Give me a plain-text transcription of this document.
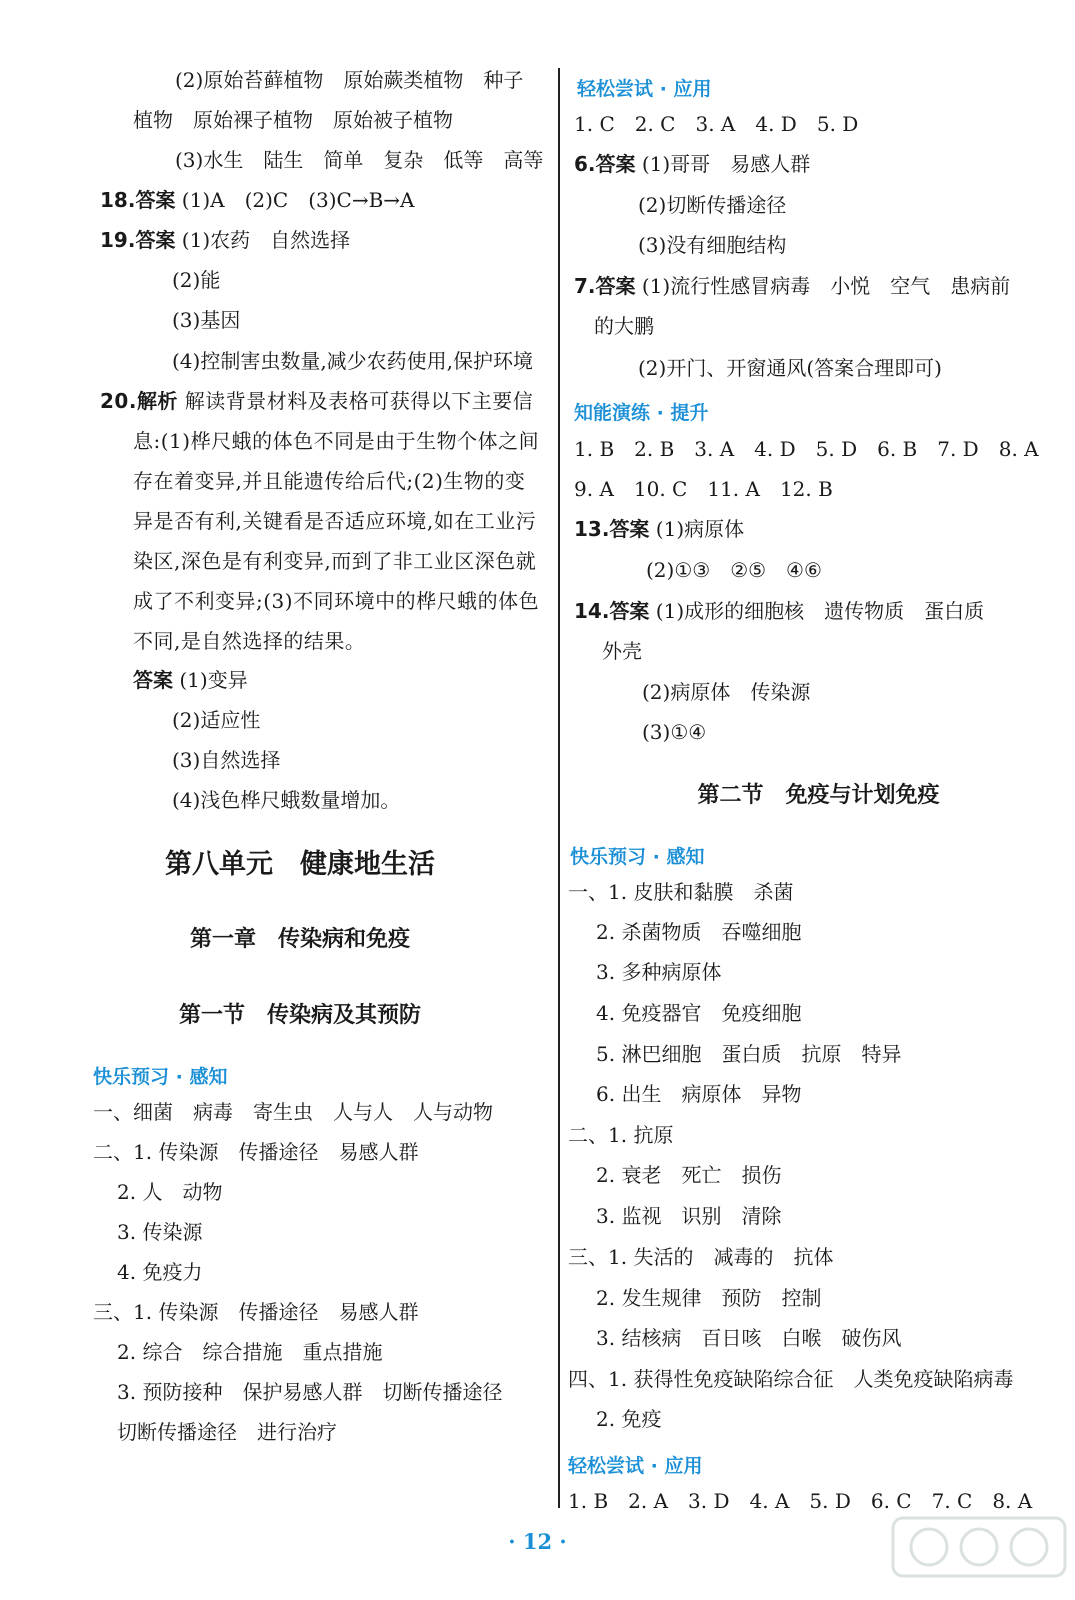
(2)原始苔藓植物　原始蕨类植物　种子
植物　原始裸子植物　原始被子植物
(3)水生　陆生　简单　复杂　低等　高等
18.答案 (1)A　(2)C　(3)C→B→A
19.答案 (1)农药　自然选择
(2)能
(3)基因
(4)控制害虫数量,减少农药使用,保护环境
20.解析 解读背景材料及表格可获得以下主要信
息:(1)桦尺蛾的体色不同是由于生物个体之间
存在着变异,并且能遗传给后代;(2)生物的变
异是否有利,关键看是否适应环境,如在工业污
染区,深色是有利变异,而到了非工业区深色就
成了不利变异;(3)不同环境中的桦尺蛾的体色
不同,是自然选择的结果。
答案 (1)变异
(2)适应性
(3)自然选择
(4)浅色桦尺蛾数量增加。
第八单元　健康地生活
第一章　传染病和免疫
第一节　传染病及其预防
快乐预习 · 感知
一、细菌　病毒　寄生虫　人与人　人与动物
二、1. 传染源　传播途径　易感人群
2. 人　动物
3. 传染源
4. 免疫力
三、1. 传染源　传播途径　易感人群
2. 综合　综合措施　重点措施
3. 预防接种　保护易感人群　切断传播途径
切断传播途径　进行治疗
轻松尝试 · 应用
1. C　2. C　3. A　4. D　5. D
6.答案 (1)哥哥　易感人群
(2)切断传播途径
(3)没有细胞结构
7.答案 (1)流行性感冒病毒　小悦　空气　患病前
的大鹏
(2)开门、开窗通风(答案合理即可)
知能演练 · 提升
1. B　2. B　3. A　4. D　5. D　6. B　7. D　8. A
9. A　10. C　11. A　12. B
13.答案 (1)病原体
(2)①③　②⑤　④⑥
14.答案 (1)成形的细胞核　遗传物质　蛋白质
外壳
(2)病原体　传染源
(3)①④
第二节　免疫与计划免疫
快乐预习 · 感知
一、1. 皮肤和黏膜　杀菌
2. 杀菌物质　吞噬细胞
3. 多种病原体
4. 免疫器官　免疫细胞
5. 淋巴细胞　蛋白质　抗原　特异
6. 出生　病原体　异物
二、1. 抗原
2. 衰老　死亡　损伤
3. 监视　识别　清除
三、1. 失活的　减毒的　抗体
2. 发生规律　预防　控制
3. 结核病　百日咳　白喉　破伤风
四、1. 获得性免疫缺陷综合征　人类免疫缺陷病毒
2. 免疫
轻松尝试 · 应用
1. B　2. A　3. D　4. A　5. D　6. C　7. C　8. A
· 12 ·
